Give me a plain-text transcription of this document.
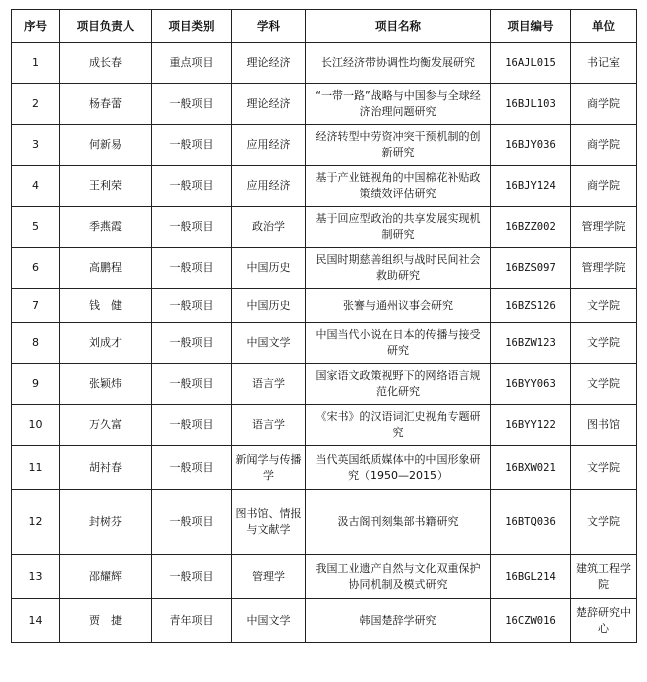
序号	项目负责人	项目类别	学科	项目名称	项目编号	单位
1	成长春	重点项目	理论经济	长江经济带协调性均衡发展研究	16AJL015	书记室
2	杨春蕾	一般项目	理论经济	“一带一路”战略与中国参与全球经济治理问题研究	16BJL103	商学院
3	何新易	一般项目	应用经济	经济转型中劳资冲突干预机制的创新研究	16BJY036	商学院
4	王利荣	一般项目	应用经济	基于产业链视角的中国棉花补贴政策绩效评估研究	16BJY124	商学院
5	季燕霞	一般项目	政治学	基于回应型政治的共享发展实现机制研究	16BZZ002	管理学院
6	高鹏程	一般项目	中国历史	民国时期慈善组织与战时民间社会救助研究	16BZS097	管理学院
7	钱　健	一般项目	中国历史	张謇与通州议事会研究	16BZS126	文学院
8	刘成才	一般项目	中国文学	中国当代小说在日本的传播与接受研究	16BZW123	文学院
9	张颖炜	一般项目	语言学	国家语文政策视野下的网络语言规范化研究	16BYY063	文学院
10	万久富	一般项目	语言学	《宋书》的汉语词汇史视角专题研究	16BYY122	图书馆
11	胡衬春	一般项目	新闻学与传播学	当代英国纸质媒体中的中国形象研究（1950—2015）	16BXW021	文学院
12	封树芬	一般项目	图书馆、情报与文献学	汲古阁刊刻集部书籍研究	16BTQ036	文学院
13	邵耀辉	一般项目	管理学	我国工业遗产自然与文化双重保护协同机制及模式研究	16BGL214	建筑工程学院
14	贾　捷	青年项目	中国文学	韩国楚辞学研究	16CZW016	楚辞研究中心
